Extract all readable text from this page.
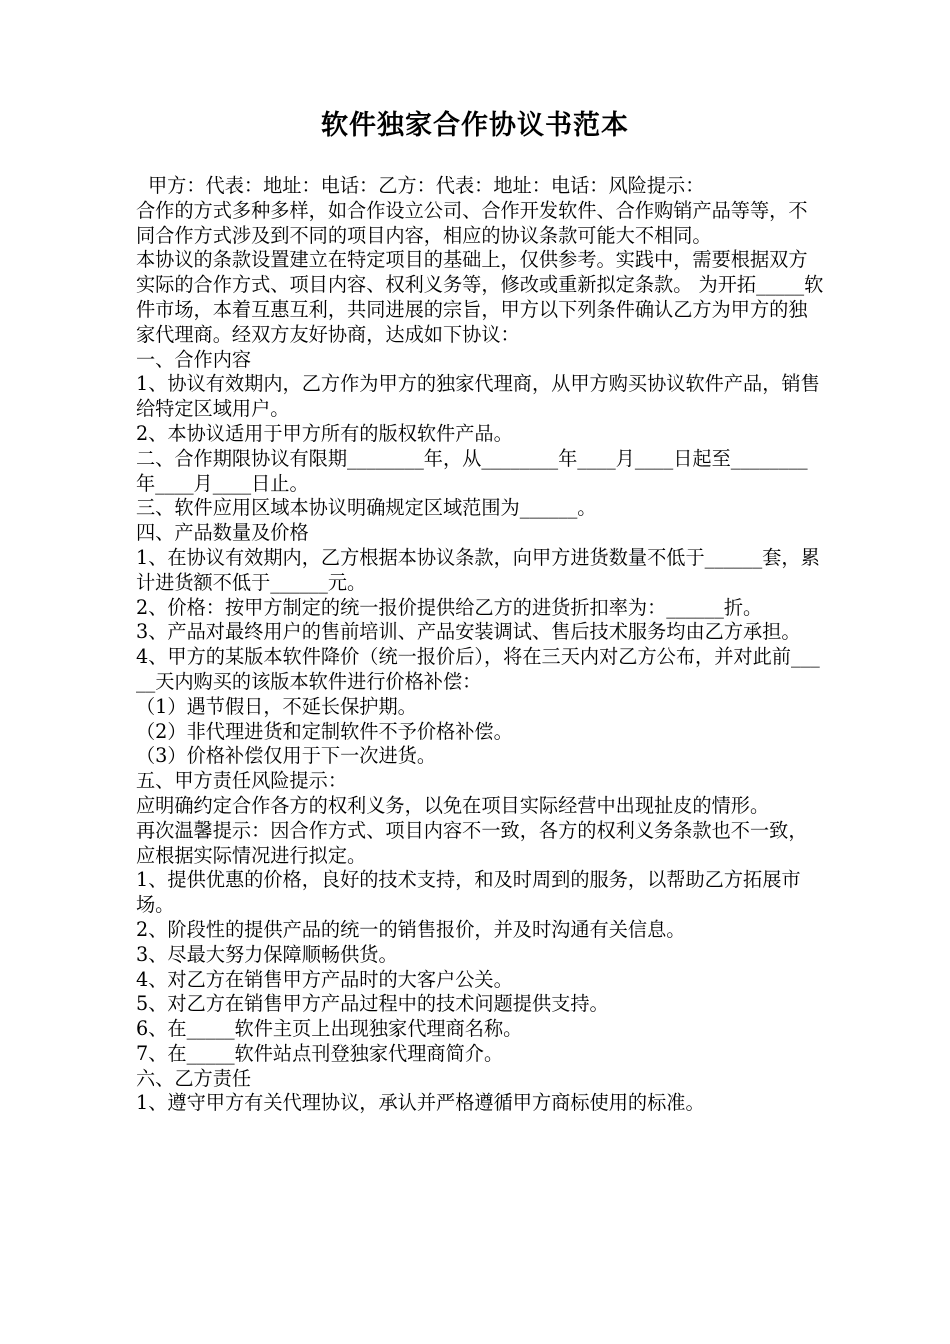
软件独家合作协议书范本

甲方：代表：地址：电话：乙方：代表：地址：电话：风险提示：

合作的方式多种多样，如合作设立公司、合作开发软件、合作购销产品等等，不同合作方式涉及到不同的项目内容，相应的协议条款可能大不相同。

本协议的条款设置建立在特定项目的基础上，仅供参考。实践中，需要根据双方实际的合作方式、项目内容、权利义务等，修改或重新拟定条款。 为开拓_____软件市场，本着互惠互利，共同进展的宗旨，甲方以下列条件确认乙方为甲方的独家代理商。经双方友好协商，达成如下协议：

一、合作内容

1、协议有效期内，乙方作为甲方的独家代理商，从甲方购买协议软件产品，销售给特定区域用户。

2、本协议适用于甲方所有的版权软件产品。

二、合作期限协议有限期________年，从________年____月____日起至________年____月____日止。

三、软件应用区域本协议明确规定区域范围为______。

四、产品数量及价格

1、在协议有效期内，乙方根据本协议条款，向甲方进货数量不低于______套，累计进货额不低于______元。

2、价格：按甲方制定的统一报价提供给乙方的进货折扣率为：______折。

3、产品对最终用户的售前培训、产品安装调试、售后技术服务均由乙方承担。

4、甲方的某版本软件降价（统一报价后），将在三天内对乙方公布，并对此前_____天内购买的该版本软件进行价格补偿：

（1）遇节假日，不延长保护期。

（2）非代理进货和定制软件不予价格补偿。

（3）价格补偿仅用于下一次进货。

五、甲方责任风险提示：

应明确约定合作各方的权利义务，以免在项目实际经营中出现扯皮的情形。

再次温馨提示：因合作方式、项目内容不一致，各方的权利义务条款也不一致，应根据实际情况进行拟定。

1、提供优惠的价格，良好的技术支持，和及时周到的服务，以帮助乙方拓展市场。

2、阶段性的提供产品的统一的销售报价，并及时沟通有关信息。

3、尽最大努力保障顺畅供货。

4、对乙方在销售甲方产品时的大客户公关。

5、对乙方在销售甲方产品过程中的技术问题提供支持。

6、在_____软件主页上出现独家代理商名称。

7、在_____软件站点刊登独家代理商简介。

六、乙方责任

1、遵守甲方有关代理协议，承认并严格遵循甲方商标使用的标准。
